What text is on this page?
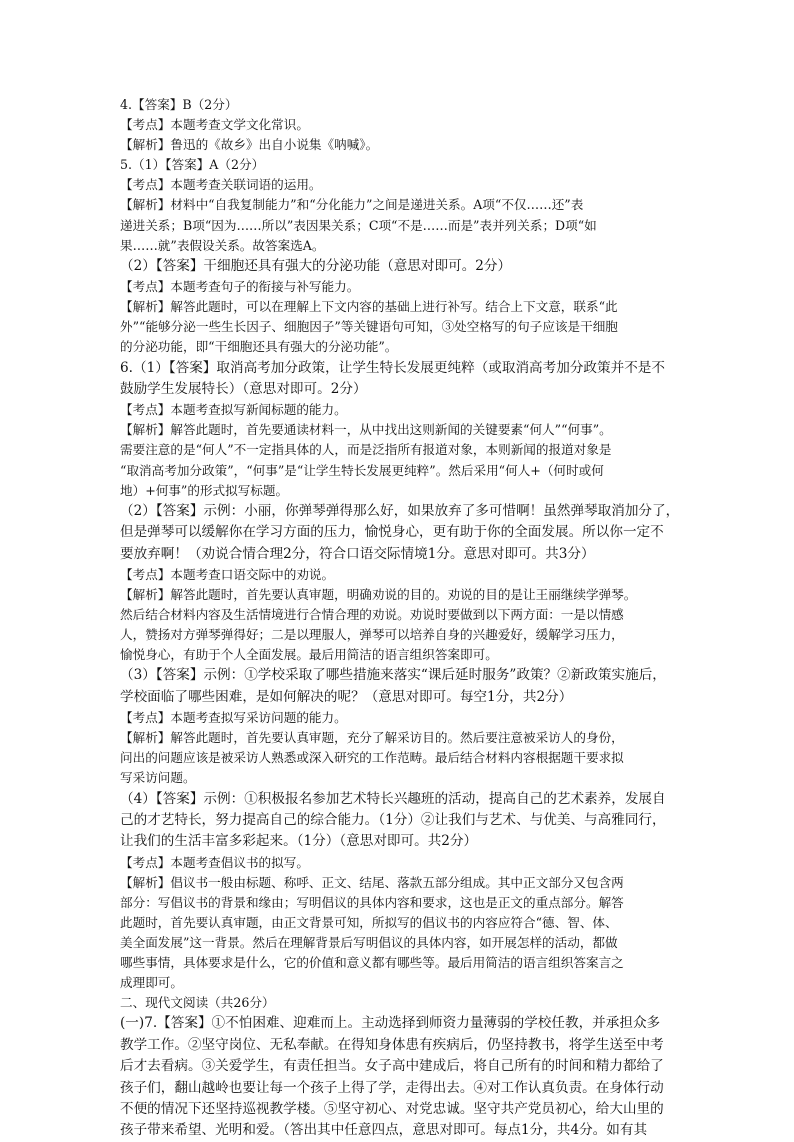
4.【答案】B（2分）
【考点】本题考查文学文化常识。
【解析】鲁迅的《故乡》出自小说集《呐喊》。
5.（1）【答案】A（2分）
【考点】本题考查关联词语的运用。
【解析】材料中“自我复制能力”和“分化能力”之间是递进关系。A项“不仅……还”表
递进关系；B项“因为……所以”表因果关系；C项“不是……而是”表并列关系；D项“如
果……就”表假设关系。故答案选A。
（2）【答案】干细胞还具有强大的分泌功能（意思对即可。2分）
【考点】本题考查句子的衔接与补写能力。
【解析】解答此题时，可以在理解上下文内容的基础上进行补写。结合上下文意，联系“此
外”“能够分泌一些生长因子、细胞因子”等关键语句可知，③处空格写的句子应该是干细胞
的分泌功能，即“干细胞还具有强大的分泌功能”。
6.（1）【答案】取消高考加分政策，让学生特长发展更纯粹（或取消高考加分政策并不是不
鼓励学生发展特长）（意思对即可。2分）
【考点】本题考查拟写新闻标题的能力。
【解析】解答此题时，首先要通读材料一，从中找出这则新闻的关键要素“何人”“何事”。
需要注意的是“何人”不一定指具体的人，而是泛指所有报道对象，本则新闻的报道对象是
“取消高考加分政策”，“何事”是“让学生特长发展更纯粹”。然后采用“何人+（何时或何
地）+何事”的形式拟写标题。
（2）【答案】示例：小丽，你弹琴弹得那么好，如果放弃了多可惜啊！虽然弹琴取消加分了，
但是弹琴可以缓解你在学习方面的压力，愉悦身心，更有助于你的全面发展。所以你一定不
要放弃啊！（劝说合情合理2分，符合口语交际情境1分。意思对即可。共3分）
【考点】本题考查口语交际中的劝说。
【解析】解答此题时，首先要认真审题，明确劝说的目的。劝说的目的是让王丽继续学弹琴。
然后结合材料内容及生活情境进行合情合理的劝说。劝说时要做到以下两方面：一是以情感
人，赞扬对方弹琴弹得好；二是以理服人，弹琴可以培养自身的兴趣爱好，缓解学习压力，
愉悦身心，有助于个人全面发展。最后用简洁的语言组织答案即可。
（3）【答案】示例：①学校采取了哪些措施来落实“课后延时服务”政策？②新政策实施后，
学校面临了哪些困难，是如何解决的呢？（意思对即可。每空1分，共2分）
【考点】本题考查拟写采访问题的能力。
【解析】解答此题时，首先要认真审题，充分了解采访目的。然后要注意被采访人的身份，
问出的问题应该是被采访人熟悉或深入研究的工作范畴。最后结合材料内容根据题干要求拟
写采访问题。
（4）【答案】示例：①积极报名参加艺术特长兴趣班的活动，提高自己的艺术素养，发展自
己的才艺特长，努力提高自己的综合能力。（1分）②让我们与艺术、与优美、与高雅同行，
让我们的生活丰富多彩起来。（1分）（意思对即可。共2分）
【考点】本题考查倡议书的拟写。
【解析】倡议书一般由标题、称呼、正文、结尾、落款五部分组成。其中正文部分又包含两
部分：写倡议书的背景和缘由；写明倡议的具体内容和要求，这也是正文的重点部分。解答
此题时，首先要认真审题，由正文背景可知，所拟写的倡议书的内容应符合“德、智、体、
美全面发展”这一背景。然后在理解背景后写明倡议的具体内容，如开展怎样的活动，都做
哪些事情，具体要求是什么，它的价值和意义都有哪些等。最后用简洁的语言组织答案言之
成理即可。
二、现代文阅读（共26分）
(一)7.【答案】①不怕困难、迎难而上。主动选择到师资力量薄弱的学校任教，并承担众多
教学工作。②坚守岗位、无私奉献。在得知身体患有疾病后，仍坚持教书，将学生送至中考
后才去看病。③关爱学生，有责任担当。女子高中建成后，将自己所有的时间和精力都给了
孩子们，翻山越岭也要让每一个孩子上得了学，走得出去。④对工作认真负责。在身体行动
不便的情况下还坚持巡视教学楼。⑤坚守初心、对党忠诚。坚守共产党员初心，给大山里的
孩子带来希望、光明和爱。（答出其中任意四点，意思对即可。每点1分，共4分。如有其
